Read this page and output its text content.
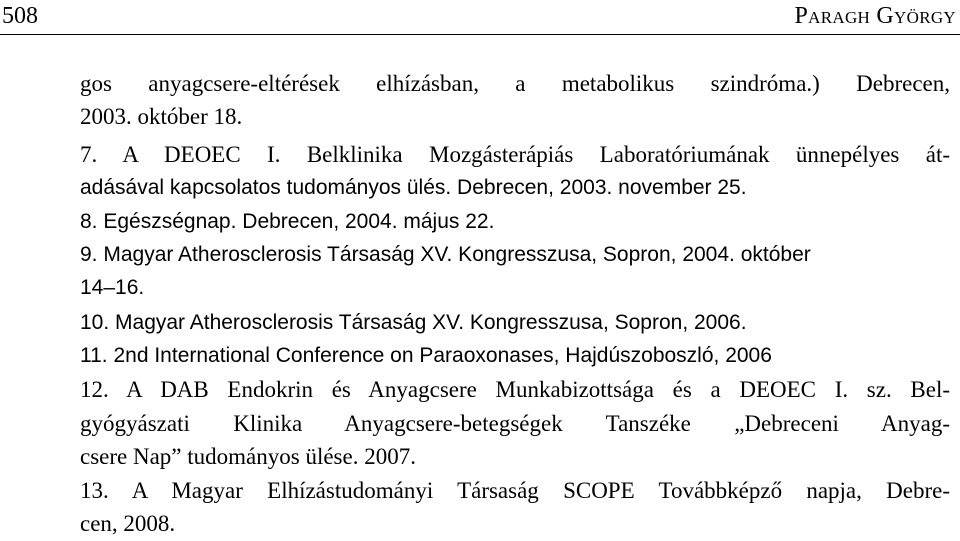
508	Paragh György
gos anyagcsere-eltérések elhízásban, a metabolikus szindróma.) Debrecen,
2003. október 18.
7. A DEOEC I. Belklinika Mozgásterápiás Laboratóriumának ünnepélyes át-
adásával kapcsolatos tudományos ülés. Debrecen, 2003. november 25.
8. Egészségnap. Debrecen, 2004. május 22.
9. Magyar Atherosclerosis Társaság XV. Kongresszusa, Sopron, 2004. október
14–16.
10. Magyar Atherosclerosis Társaság XV. Kongresszusa, Sopron, 2006.
11. 2nd International Conference on Paraoxonases, Hajdúszoboszló, 2006
12. A DAB Endokrin és Anyagcsere Munkabizottsága és a DEOEC I. sz. Bel-
gyógyászati Klinika Anyagcsere-betegségek Tanszéke „Debreceni Anyag-
csere Nap” tudományos ülése. 2007.
13. A Magyar Elhízástudományi Társaság SCOPE Továbbképző napja, Debre-
cen, 2008.
